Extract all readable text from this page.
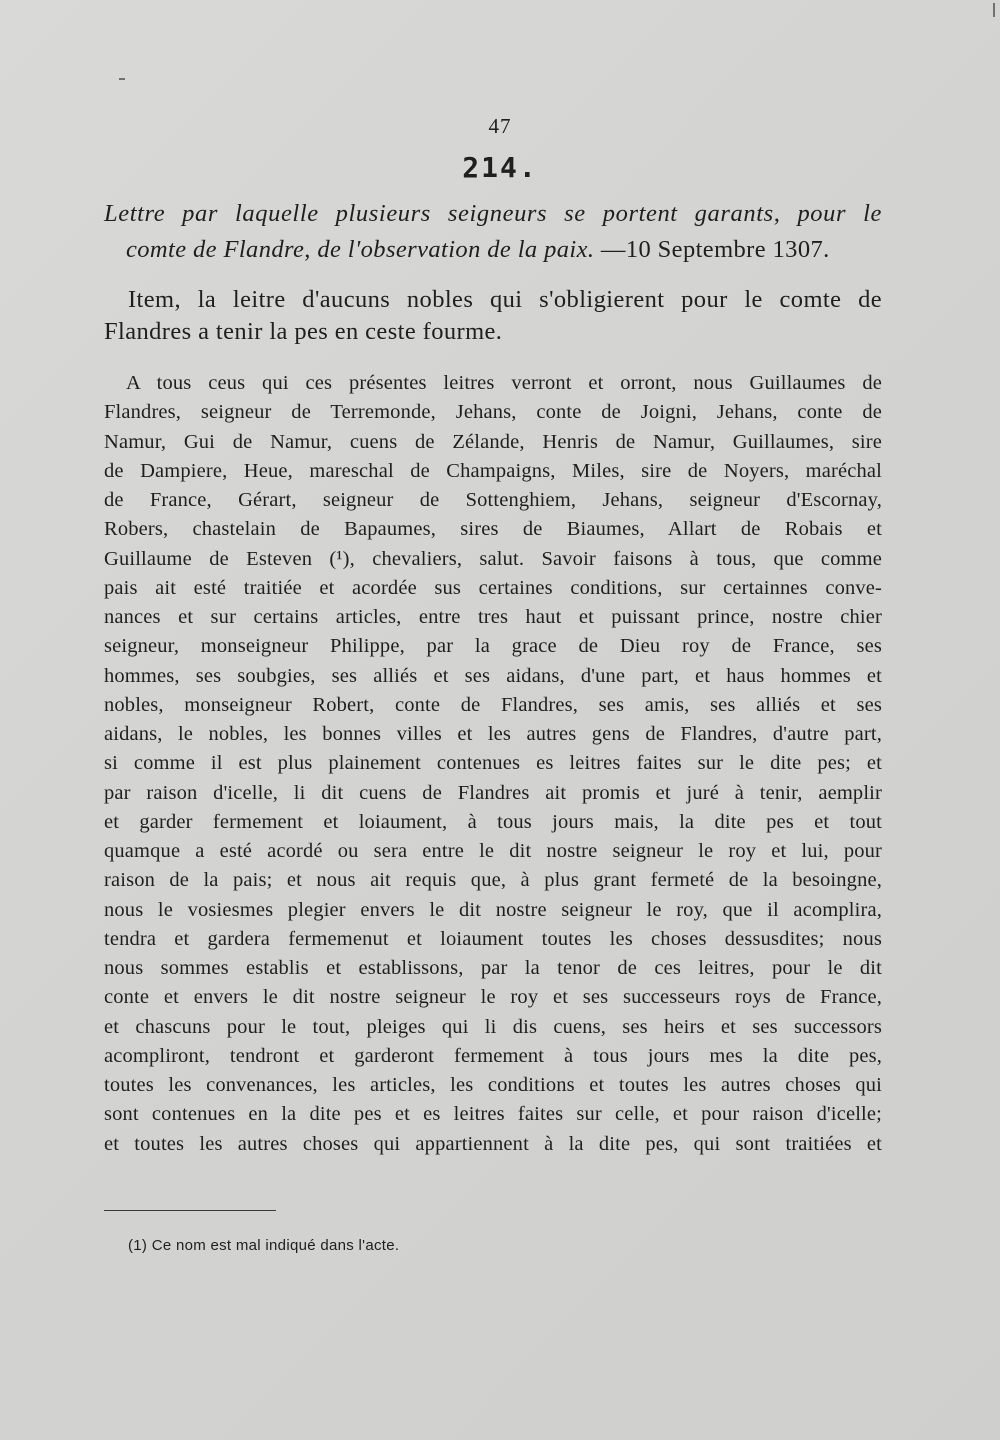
47
214.
Lettre par laquelle plusieurs seigneurs se portent garants, pour le
comte de Flandre, de l'observation de la paix. —10 Septembre 1307.
Item, la leitre d'aucuns nobles qui s'obligierent pour le comte de
Flandres a tenir la pes en ceste fourme.
A tous ceus qui ces présentes leitres verront et orront, nous Guillaumes de
Flandres, seigneur de Terremonde, Jehans, conte de Joigni, Jehans, conte de
Namur, Gui de Namur, cuens de Zélande, Henris de Namur, Guillaumes, sire
de Dampiere, Heue, mareschal de Champaigns, Miles, sire de Noyers, maréchal
de France, Gérart, seigneur de Sottenghiem, Jehans, seigneur d'Escornay,
Robers, chastelain de Bapaumes, sires de Biaumes, Allart de Robais et
Guillaume de Esteven (¹), chevaliers, salut. Savoir faisons à tous, que comme
pais ait esté traitiée et acordée sus certaines conditions, sur certainnes conve-
nances et sur certains articles, entre tres haut et puissant prince, nostre chier
seigneur, monseigneur Philippe, par la grace de Dieu roy de France, ses
hommes, ses soubgies, ses alliés et ses aidans, d'une part, et haus hommes et
nobles, monseigneur Robert, conte de Flandres, ses amis, ses alliés et ses
aidans, le nobles, les bonnes villes et les autres gens de Flandres, d'autre part,
si comme il est plus plainement contenues es leitres faites sur le dite pes; et
par raison d'icelle, li dit cuens de Flandres ait promis et juré à tenir, aemplir
et garder fermement et loiaument, à tous jours mais, la dite pes et tout
quamque a esté acordé ou sera entre le dit nostre seigneur le roy et lui, pour
raison de la pais; et nous ait requis que, à plus grant fermeté de la besoingne,
nous le vosiesmes plegier envers le dit nostre seigneur le roy, que il acomplira,
tendra et gardera fermemenut et loiaument toutes les choses dessusdites; nous
nous sommes establis et establissons, par la tenor de ces leitres, pour le dit
conte et envers le dit nostre seigneur le roy et ses successeurs roys de France,
et chascuns pour le tout, pleiges qui li dis cuens, ses heirs et ses successors
acompliront, tendront et garderont fermement à tous jours mes la dite pes,
toutes les convenances, les articles, les conditions et toutes les autres choses qui
sont contenues en la dite pes et es leitres faites sur celle, et pour raison d'icelle;
et toutes les autres choses qui appartiennent à la dite pes, qui sont traitiées et
(1) Ce nom est mal indiqué dans l'acte.
